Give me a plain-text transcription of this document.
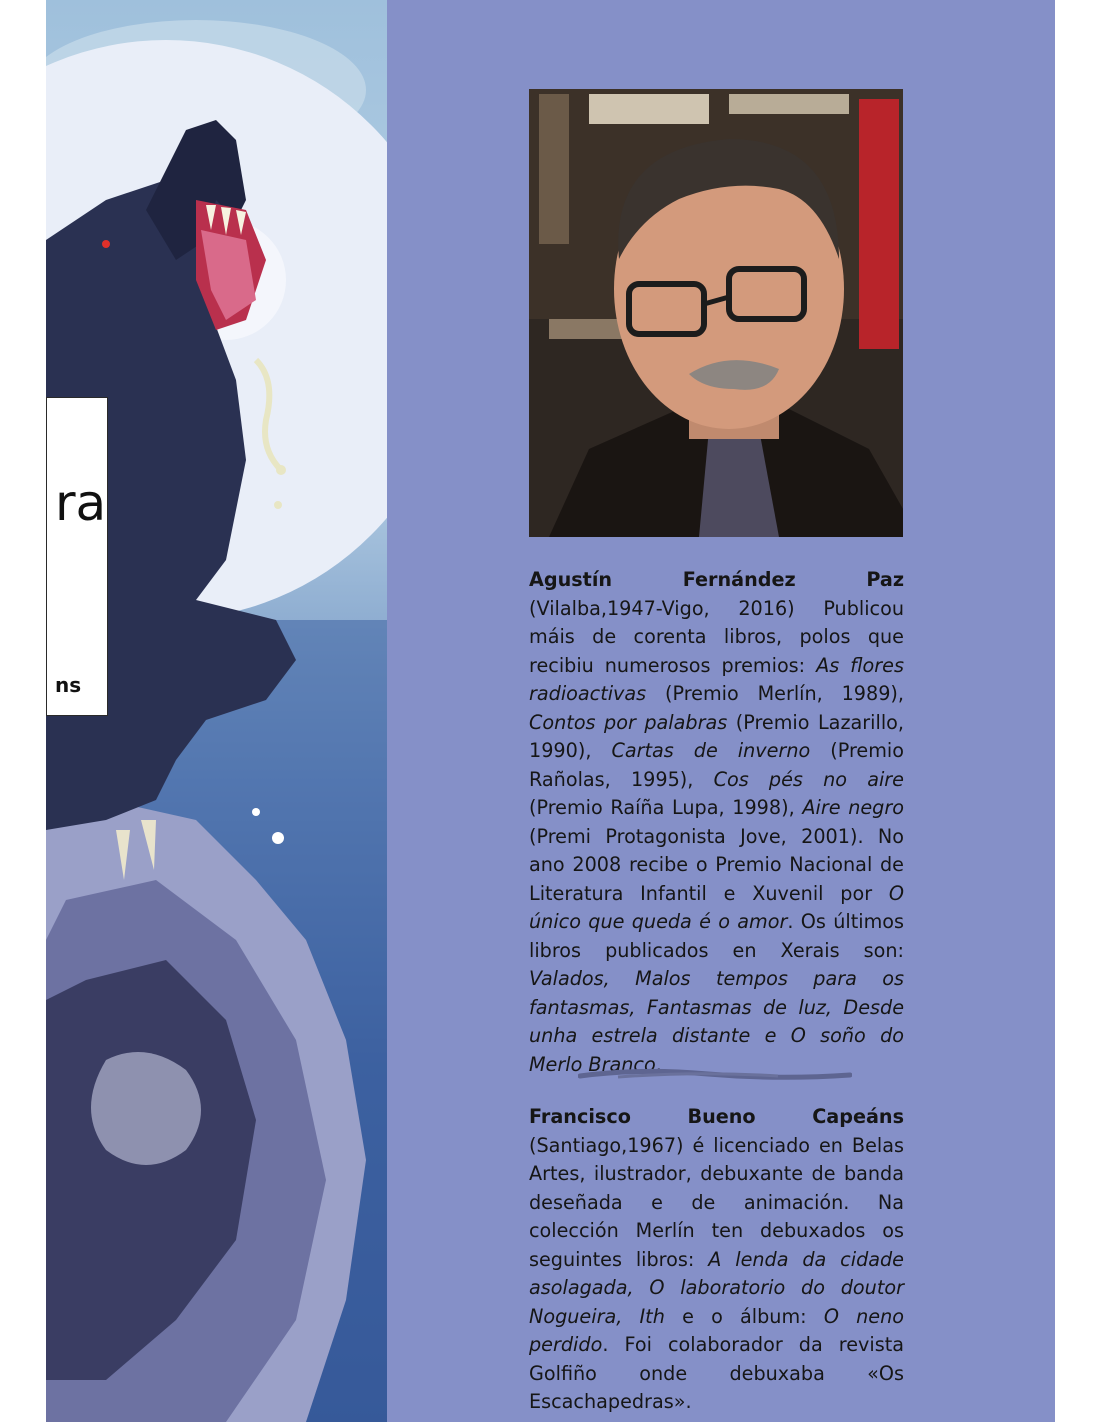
ra
ns
Agustín Fernández Paz (Vilalba,1947-Vigo, 2016) Publicou máis de corenta libros, polos que recibiu numerosos premios: As flores radioactivas (Premio Merlín, 1989), Contos por palabras (Premio Lazarillo, 1990), Cartas de inverno (Premio Rañolas, 1995), Cos pés no aire (Premio Raíña Lupa, 1998), Aire negro (Premi Protagonista Jove, 2001). No ano 2008 recibe o Premio Nacional de Literatura Infantil e Xuvenil por O único que queda é o amor. Os últimos libros publicados en Xerais son: Valados, Malos tempos para os fantasmas, Fantasmas de luz, Desde unha estrela distante e O soño do Merlo Branco.
Francisco Bueno Capeáns (Santiago,1967) é licenciado en Belas Artes, ilustrador, debuxante de banda deseñada e de animación. Na colección Merlín ten debuxados os seguintes libros: A lenda da cidade asolagada, O laboratorio do doutor Nogueira, Ith e o álbum: O neno perdido. Foi colaborador da revista Golfiño onde debuxaba «Os Escachapedras».
